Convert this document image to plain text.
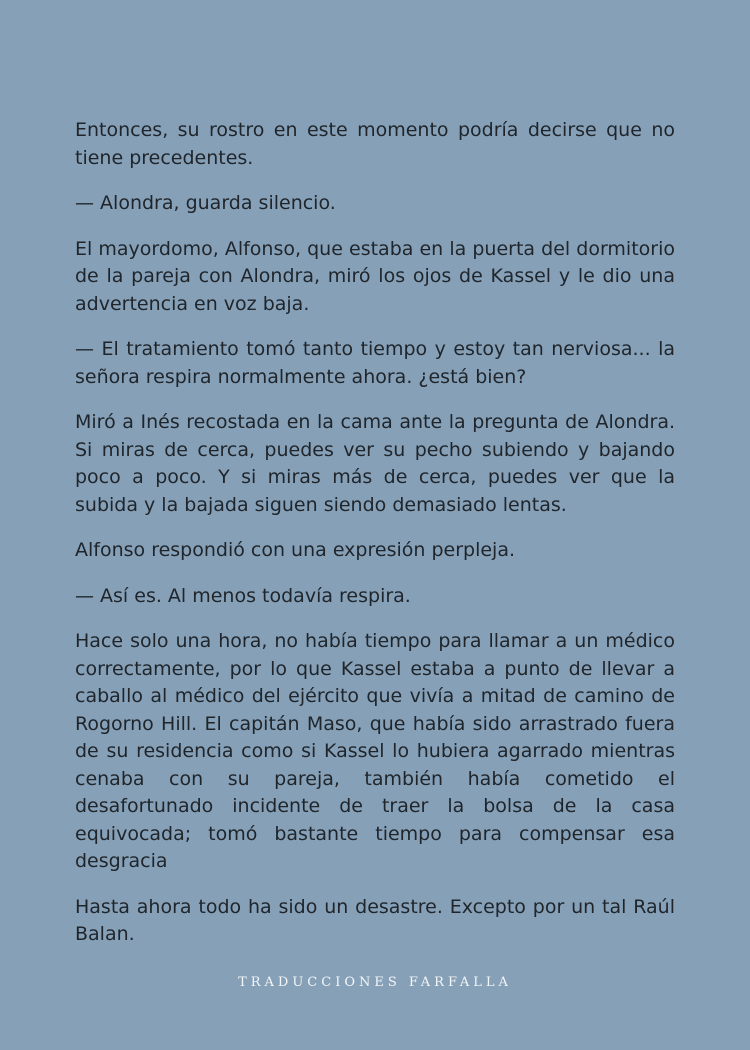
Entonces, su rostro en este momento podría decirse que no tiene precedentes.

— Alondra, guarda silencio.

El mayordomo, Alfonso, que estaba en la puerta del dormitorio de la pareja con Alondra, miró los ojos de Kassel y le dio una advertencia en voz baja.

— El tratamiento tomó tanto tiempo y estoy tan nerviosa... la señora respira normalmente ahora. ¿está bien?

Miró a Inés recostada en la cama ante la pregunta de Alondra. Si miras de cerca, puedes ver su pecho subiendo y bajando poco a poco. Y si miras más de cerca, puedes ver que la subida y la bajada siguen siendo demasiado lentas.

Alfonso respondió con una expresión perpleja.

— Así es. Al menos todavía respira.

Hace solo una hora, no había tiempo para llamar a un médico correctamente, por lo que Kassel estaba a punto de llevar a caballo al médico del ejército que vivía a mitad de camino de Rogorno Hill. El capitán Maso, que había sido arrastrado fuera de su residencia como si Kassel lo hubiera agarrado mientras cenaba con su pareja, también había cometido el desafortunado incidente de traer la bolsa de la casa equivocada; tomó bastante tiempo para compensar esa desgracia

Hasta ahora todo ha sido un desastre. Excepto por un tal Raúl Balan.

TRADUCCIONES FARFALLA
